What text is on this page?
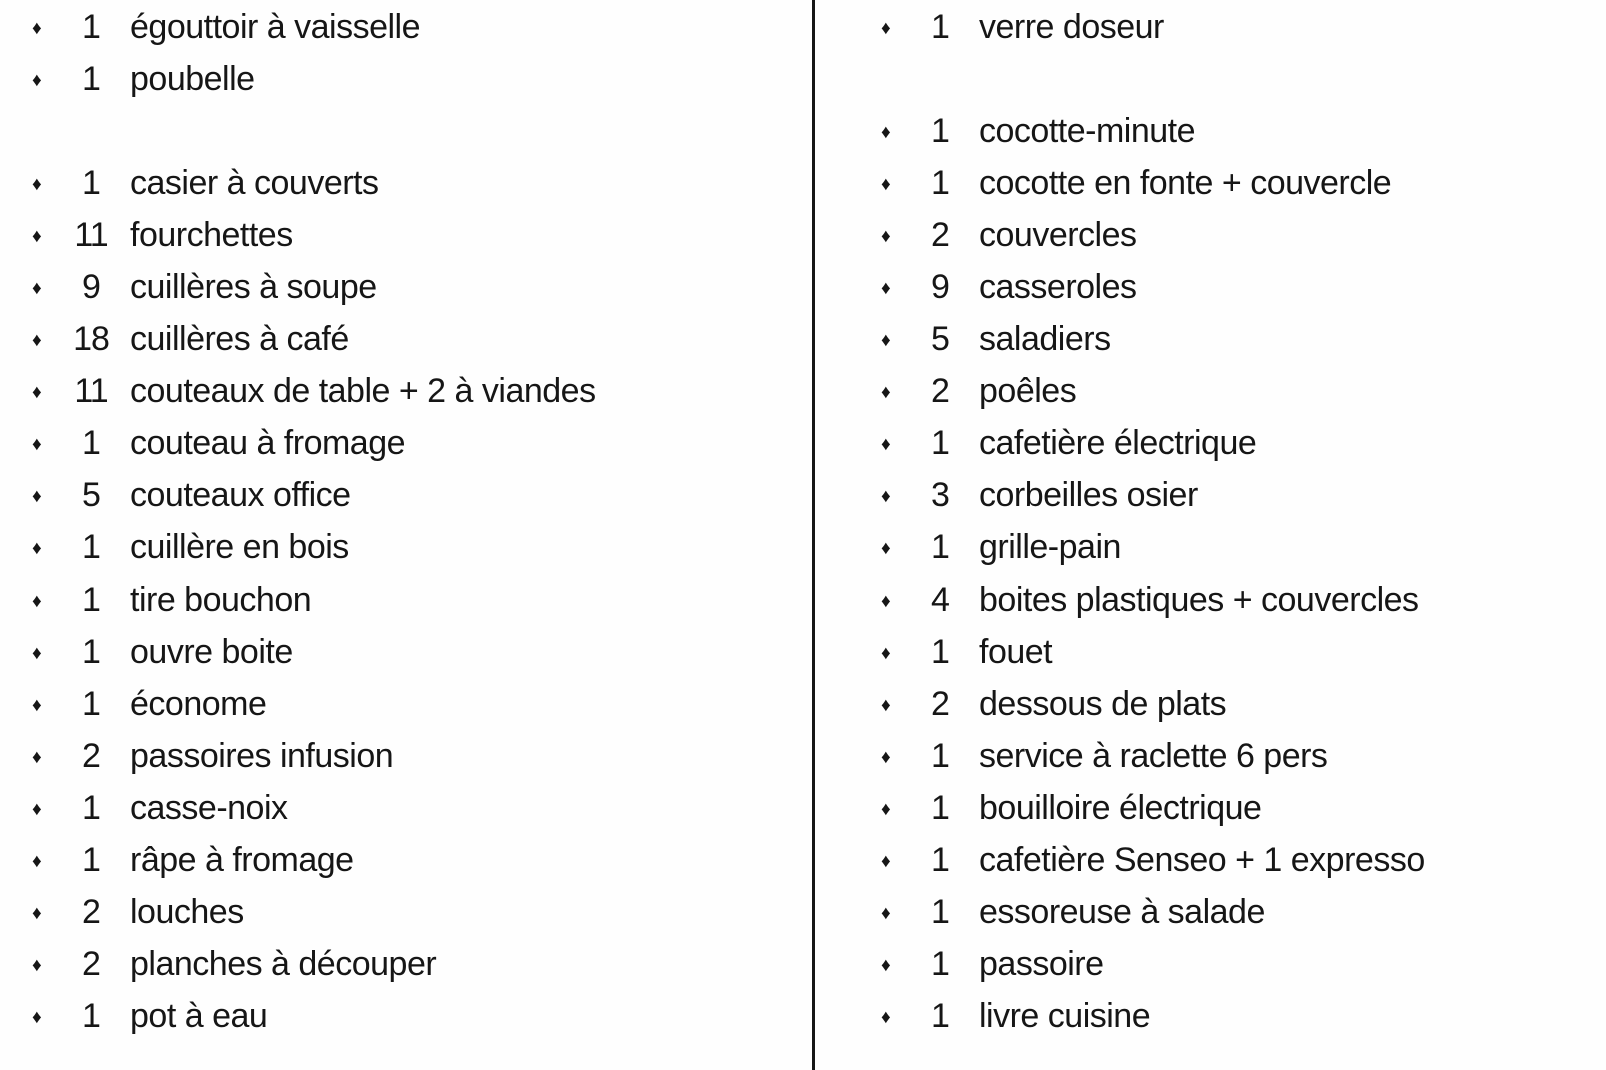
♦	1 égouttoir à vaisselle
♦	1 poubelle
♦	1 casier à couverts
♦ 11 fourchettes
♦	9 cuillères à soupe
♦ 18 cuillères à café
♦ 11 couteaux de table + 2 à viandes
♦	1 couteau à fromage
♦	5 couteaux office
♦	1 cuillère en bois
♦	1 tire bouchon
♦	1 ouvre boite
♦	1 économe
♦	2 passoires infusion
♦	1 casse-noix
♦	1 râpe à fromage
♦	2 louches
♦	2 planches à découper
♦	1 pot à eau
♦	1 verre doseur
♦	1 cocotte-minute
♦	1 cocotte en fonte + couvercle
♦	2 couvercles
♦	9 casseroles
♦	5 saladiers
♦	2 poêles
♦	1 cafetière électrique
♦	3 corbeilles osier
♦	1 grille-pain
♦	4 boites plastiques + couvercles
♦	1 fouet
♦	2 dessous de plats
♦	1 service à raclette 6 pers
♦	1 bouilloire électrique
♦	1 cafetière Senseo + 1 expresso
♦	1 essoreuse à salade
♦	1 passoire
♦	1 livre cuisine
